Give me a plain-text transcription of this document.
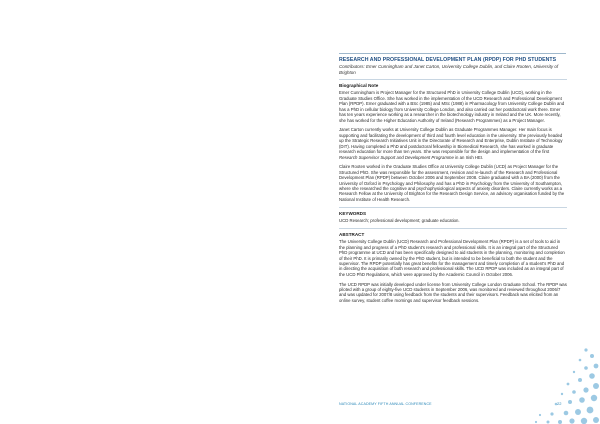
RESEARCH AND PROFESSIONAL DEVELOPMENT PLAN (RPDP) FOR PHD STUDENTS

Contributors: Emer Cunningham and Janet Carton, University College Dublin, and Claire Rooten, University of Brighton

Biographical Note

Emer Cunningham is Project Manager for the Structured PhD in University College Dublin (UCD), working in the Graduate Studies Office. She has worked in the implementation of the UCD Research and Professional Development Plan (RPDP). Emer graduated with a BSc (1985) and MSc (1988) in Pharmacology from University College Dublin and has a PhD in cellular biology from University College London, and also carried out her postdoctoral work there. Emer has ten years experience working as a researcher in the biotechnology industry in Ireland and the UK. More recently, she has worked for the Higher Education Authority of Ireland (Research Programmes) as a Project Manager.

Janet Carton currently works at University College Dublin as Graduate Programmes Manager. Her main focus is supporting and facilitating the development of third and fourth level education in the university. She previously headed up the Strategic Research Initiatives Unit in the Directorate of Research and Enterprise, Dublin Institute of Technology (DIT). Having completed a PhD and postdoctoral fellowship in Biomedical Research, she has worked in graduate research education for more than ten years. She was responsible for the design and implementation of the first Research Supervisor Support and Development Programme in an Irish HEI.

Claire Rooten worked in the Graduate Studies Office at University College Dublin (UCD) as Project Manager for the Structured PhD. She was responsible for the assessment, revision and re-launch of the Research and Professional Development Plan (RPDP) between October 2006 and September 2008. Claire graduated with a BA (2000) from the University of Oxford in Psychology and Philosophy and has a PhD in Psychology from the University of Southampton, where she researched the cognitive and psychophysiological aspects of anxiety disorders. Claire currently works as a Research Fellow at the University of Brighton for the Research Design Service, an advisory organisation funded by the National Institute of Health Research.

KEYWORDS

UCD Research; professional development; graduate education.

ABSTRACT

The University College Dublin (UCD) Research and Professional Development Plan (RPDP) is a set of tools to aid in the planning and progress of a PhD student's research and professional skills. It is an integral part of the Structured PhD programme at UCD and has been specifically designed to aid students in the planning, monitoring and completion of their PhD. It is primarily owned by the PhD student, but is intended to be beneficial to both the student and the supervisor. The RPDP potentially has great benefits for the management and timely completion of a student's PhD and in directing the acquisition of both research and professional skills. The UCD RPDP was included as an integral part of the UCD PhD Regulations, which were approved by the Academic Council in October 2006.

The UCD RPDP was initially developed under license from University College London Graduate School. The RPDP was piloted with a group of eighty-five UCD students in September 2006, was monitored and reviewed throughout 2006/7 and was updated for 2007/8 using feedback from the students and their supervisors. Feedback was elicited from an online survey, student coffee mornings and supervisor feedback sessions.

NATIONAL ACADEMY FIFTH ANNUAL CONFERENCE	22
